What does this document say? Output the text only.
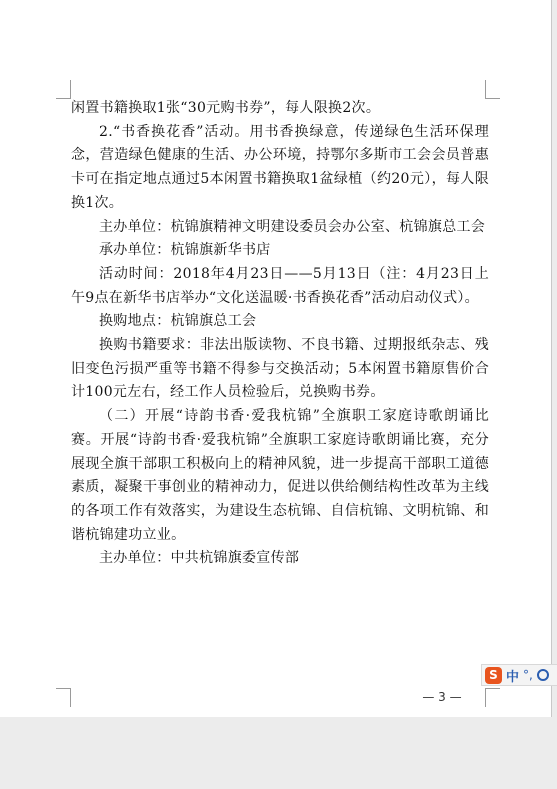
闲置书籍换取1张“30元购书券”，每人限换2次。

2.“书香换花香”活动。用书香换绿意，传递绿色生活环保理念，营造绿色健康的生活、办公环境，持鄂尔多斯市工会会员普惠卡可在指定地点通过5本闲置书籍换取1盆绿植（约20元），每人限换1次。

主办单位：杭锦旗精神文明建设委员会办公室、杭锦旗总工会

承办单位：杭锦旗新华书店

活动时间：2018年4月23日——5月13日（注：4月23日上午9点在新华书店举办“文化送温暖·书香换花香”活动启动仪式）。

换购地点：杭锦旗总工会

换购书籍要求：非法出版读物、不良书籍、过期报纸杂志、残旧变色污损严重等书籍不得参与交换活动；5本闲置书籍原售价合计100元左右，经工作人员检验后，兑换购书券。

（二）开展“诗韵书香·爱我杭锦”全旗职工家庭诗歌朗诵比赛。开展“诗韵书香·爱我杭锦”全旗职工家庭诗歌朗诵比赛，充分展现全旗干部职工积极向上的精神风貌，进一步提高干部职工道德素质，凝聚干事创业的精神动力，促进以供给侧结构性改革为主线的各项工作有效落实，为建设生态杭锦、自信杭锦、文明杭锦、和谐杭锦建功立业。

主办单位：中共杭锦旗委宣传部

— 3 —
S 中 °,
